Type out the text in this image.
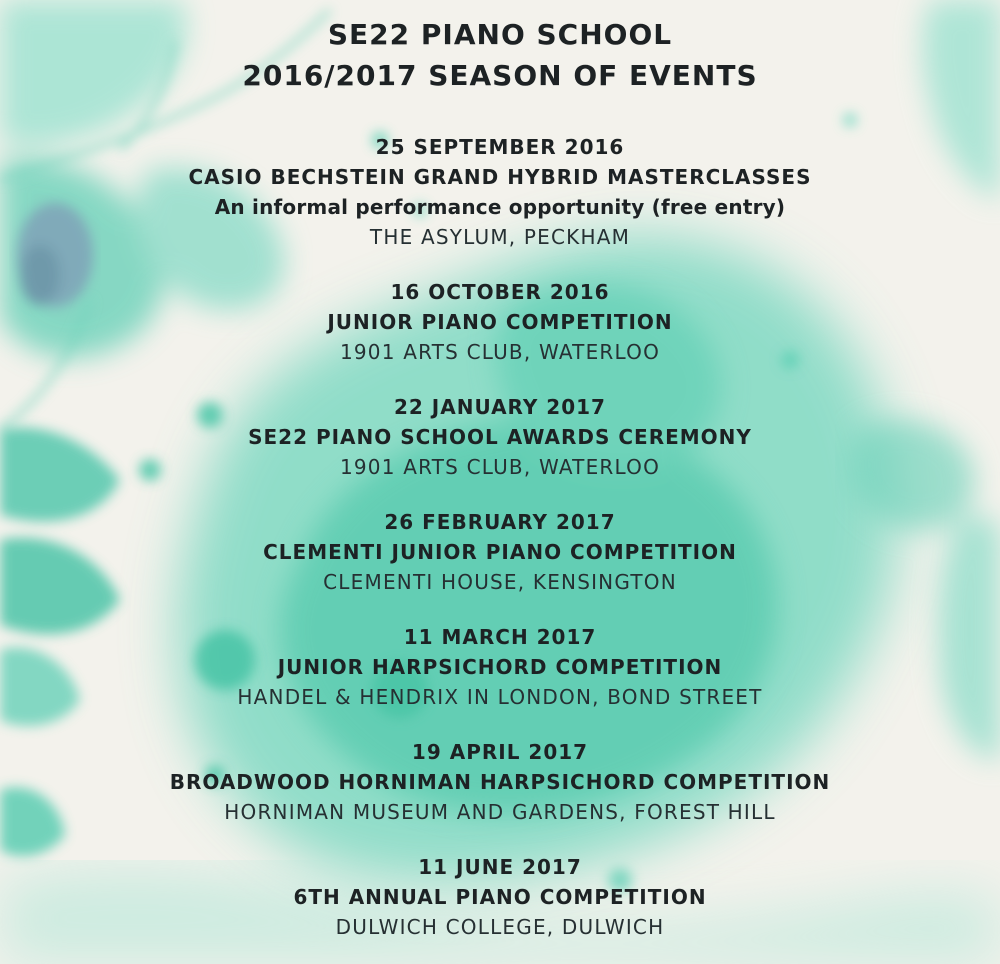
SE22 PIANO SCHOOL
2016/2017 SEASON OF EVENTS
25 SEPTEMBER 2016
CASIO BECHSTEIN GRAND HYBRID MASTERCLASSES
An informal performance opportunity (free entry)
THE ASYLUM, PECKHAM
16 OCTOBER 2016
JUNIOR PIANO COMPETITION
1901 ARTS CLUB, WATERLOO
22 JANUARY 2017
SE22 PIANO SCHOOL AWARDS CEREMONY
1901 ARTS CLUB, WATERLOO
26 FEBRUARY 2017
CLEMENTI JUNIOR PIANO COMPETITION
CLEMENTI HOUSE, KENSINGTON
11 MARCH 2017
JUNIOR HARPSICHORD COMPETITION
HANDEL & HENDRIX IN LONDON, BOND STREET
19 APRIL 2017
BROADWOOD HORNIMAN HARPSICHORD COMPETITION
HORNIMAN MUSEUM AND GARDENS, FOREST HILL
11 JUNE 2017
6TH ANNUAL PIANO COMPETITION
DULWICH COLLEGE, DULWICH
